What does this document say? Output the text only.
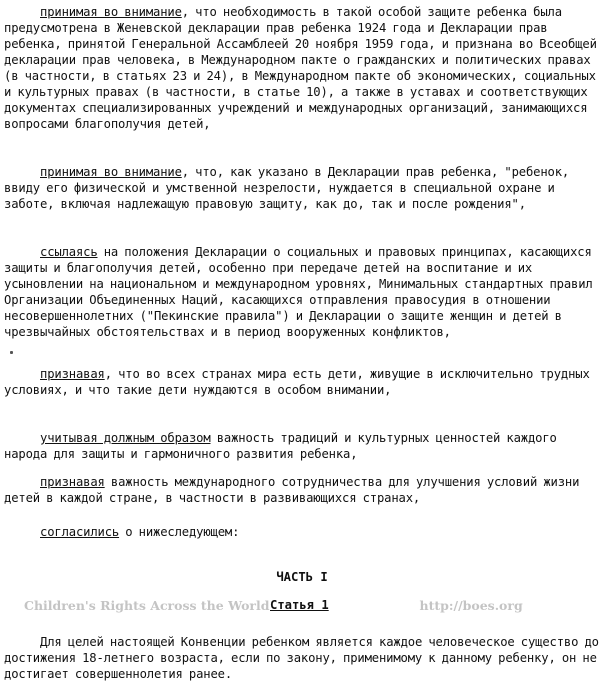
принимая во внимание, что необходимость в такой особой защите ребенка была предусмотрена в Женевской декларации прав ребенка 1924 года и Декларации прав ребенка, принятой Генеральной Ассамблеей 20 ноября 1959 года, и признана во Всеобщей декларации прав человека, в Международном пакте о гражданских и политических правах (в частности, в статьях 23 и 24), в Международном пакте об экономических, социальных и культурных правах (в частности, в статье 10), а также в уставах и соответствующих документах специализированных учреждений и международных организаций, занимающихся вопросами благополучия детей,

принимая во внимание, что, как указано в Декларации прав ребенка, "ребенок, ввиду его физической и умственной незрелости, нуждается в специальной охране и заботе, включая надлежащую правовую защиту, как до, так и после рождения",

ссылаясь на положения Декларации о социальных и правовых принципах, касающихся защиты и благополучия детей, особенно при передаче детей на воспитание и их усыновлении на национальном и международном уровнях, Минимальных стандартных правил Организации Объединенных Наций, касающихся отправления правосудия в отношении несовершеннолетних ("Пекинские правила") и Декларации о защите женщин и детей в чрезвычайных обстоятельствах и в период вооруженных конфликтов,

признавая, что во всех странах мира есть дети, живущие в исключительно трудных условиях, и что такие дети нуждаются в особом внимании,

учитывая должным образом важность традиций и культурных ценностей каждого народа для защиты и гармоничного развития ребенка,

признавая важность международного сотрудничества для улучшения условий жизни детей в каждой стране, в частности в развивающихся странах,

согласились о нижеследующем:

ЧАСТЬ I
Children's Rights Across the World	http://boes.org
Статья 1

Для целей настоящей Конвенции ребенком является каждое человеческое существо до достижения 18-летнего возраста, если по закону, применимому к данному ребенку, он не достигает совершеннолетия ранее.
